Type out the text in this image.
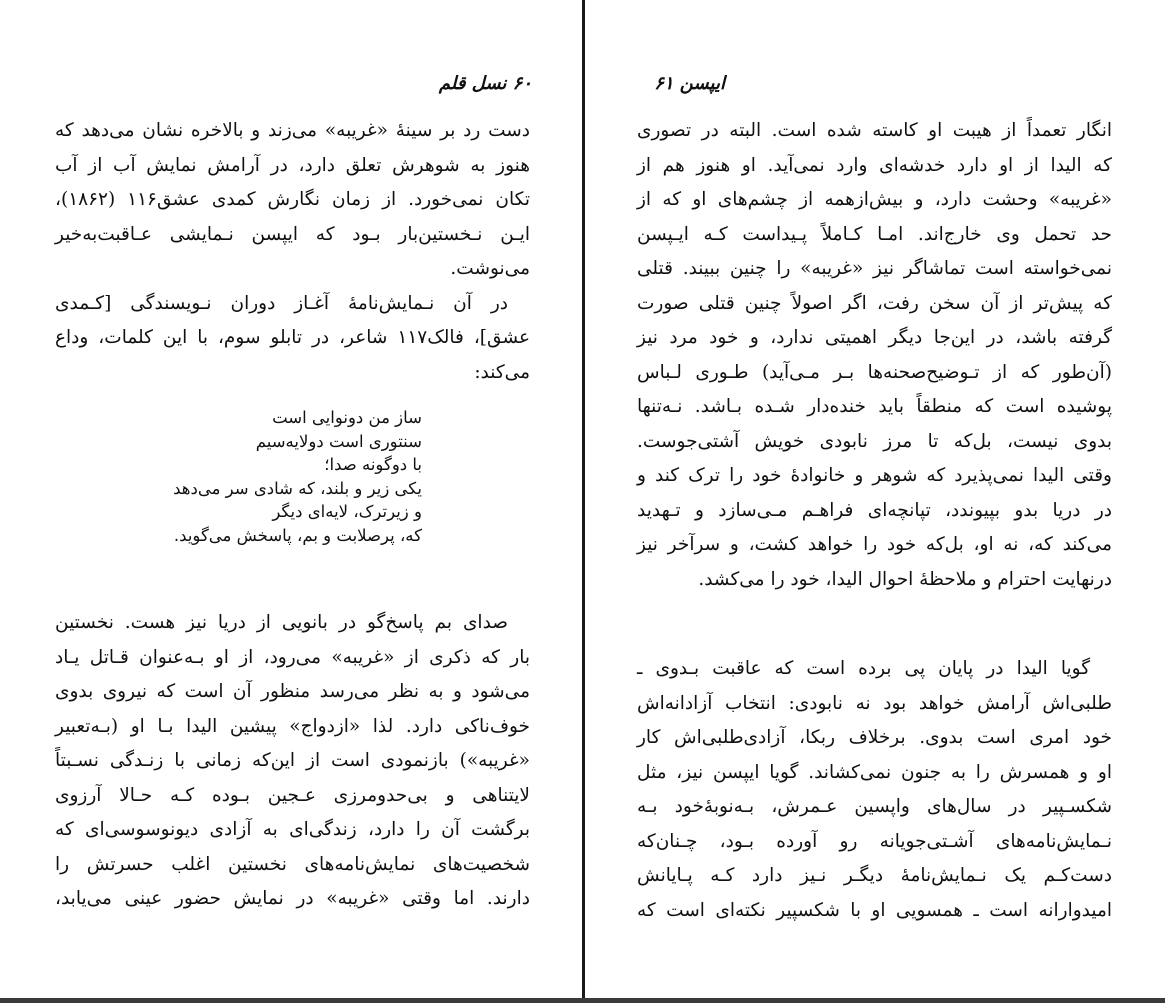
۶۰ نسل قلم
دست رد بر سینهٔ «غریبه» می‌زند و بالاخره نشان می‌دهد که
هنوز به شوهرش تعلق دارد، در آرامش نمایش آب از آب
تکان نمی‌خورد. از زمان نگارش کمدی عشق۱۱۶ (۱۸۶۲)،
ایـن نـخستین‌بار بـود که ایپسن نـمایشی عـاقبت‌به‌خیر
می‌نوشت.
در آن نـمایش‌نامهٔ آغـاز دوران نـویسندگی [کـمدی
عشق]، فالک۱۱۷ شاعر، در تابلو سوم، با این کلمات، وداع
می‌کند:
ساز من دونوایی است
سنتوری است دولایه‌سیم
با دوگونه صدا؛
یکی زیر و بلند، که شادی سر می‌دهد
و زیرترک، لایه‌ای دیگر
که، پرصلابت و بم، پاسخش می‌گوید.
صدای بم پاسخ‌گو در بانویی از دریا نیز هست. نخستین
بار که ذکری از «غریبه» می‌رود، از او بـه‌عنوان قـاتل یـاد
می‌شود و به نظر می‌رسد منظور آن است که نیروی بدوی
خوف‌ناکی دارد. لذا «ازدواج» پیشین الیدا بـا او (بـه‌تعبیر
«غریبه») بازنمودی است از این‌که زمانی با زنـدگی نسـبتاً
لایتناهی و بی‌حدومرزی عـجین بـوده کـه حـالا آرزوی
برگشت آن را دارد، زندگی‌ای به آزادی دیونوسوسی‌ای که
شخصیت‌های نمایش‌نامه‌های نخستین اغلب حسرتش را
دارند. اما وقتی «غریبه» در نمایش حضور عینی می‌یابد،
ایپسن ۶۱
انگار تعمداً از هیبت او کاسته شده است. البته در تصوری
که الیدا از او دارد خدشه‌ای وارد نمی‌آید. او هنوز هم از
«غریبه» وحشت دارد، و بیش‌ازهمه از چشم‌های او که از
حد تحمل وی خارج‌اند. امـا کـاملاً پـیداست کـه ایـپسن
نمی‌خواسته است تماشاگر نیز «غریبه» را چنین ببیند. قتلی
که پیش‌تر از آن سخن رفت، اگر اصولاً چنین قتلی صورت
گرفته باشد، در این‌جا دیگر اهمیتی ندارد، و خود مرد نیز
(آن‌طور که از تـوضیح‌صحنه‌ها بـر مـی‌آید) طـوری لـباس
پوشیده است که منطقاً باید خنده‌دار شـده بـاشد. نـه‌تنها
بدوی نیست، بل‌که تا مرز نابودی خویش آشتی‌جوست.
وقتی الیدا نمی‌پذیرد که شوهر و خانوادهٔ خود را ترک کند و
در دریا بدو بپیوندد، تپانچه‌ای فراهـم مـی‌سازد و تـهدید
می‌کند که، نه او، بل‌که خود را خواهد کشت، و سرآخر نیز
درنهایت احترام و ملاحظهٔ احوال الیدا، خود را می‌کشد.
گویا الیدا در پایان پی برده است که عاقبت بـدوی ـ
طلبی‌اش آرامش خواهد بود نه نابودی: انتخاب آزادانه‌اش
خود امری است بدوی. برخلاف ربکا، آزادی‌طلبی‌اش کار
او و همسرش را به جنون نمی‌کشاند. گویا ایپسن نیز، مثل
شکسـپیر در سال‌های واپسین عـمرش، بـه‌نوبهٔ‌خود بـه
نـمایش‌نامه‌های آشـتی‌جویانه رو آورده بـود، چـنان‌که
دست‌کـم یک نـمایش‌نامهٔ دیگـر نـیز دارد کـه پـایانش
امیدوارانه است ـ همسویی او با شکسپیر نکته‌ای است که
